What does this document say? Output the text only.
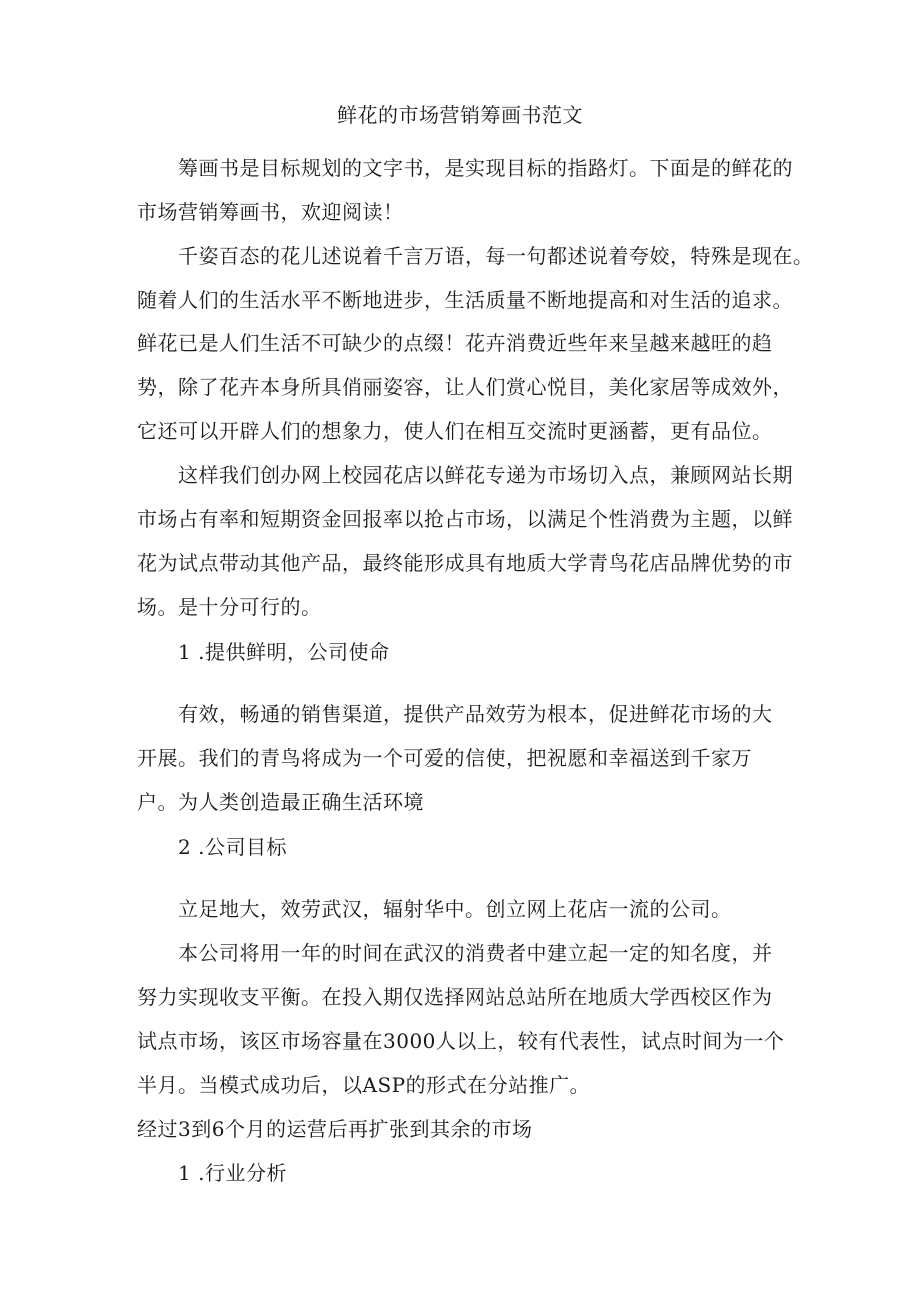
鲜花的市场营销筹画书范文
筹画书是目标规划的文字书，是实现目标的指路灯。下面是的鲜花的
市场营销筹画书，欢迎阅读！
千姿百态的花儿述说着千言万语，每一句都述说着夸姣，特殊是现在。
随着人们的生活水平不断地进步，生活质量不断地提高和对生活的追求。
鲜花已是人们生活不可缺少的点缀！花卉消费近些年来呈越来越旺的趋
势，除了花卉本身所具俏丽姿容，让人们赏心悦目，美化家居等成效外，
它还可以开辟人们的想象力，使人们在相互交流时更涵蓄，更有品位。
这样我们创办网上校园花店以鲜花专递为市场切入点，兼顾网站长期
市场占有率和短期资金回报率以抢占市场，以满足个性消费为主题，以鲜
花为试点带动其他产品，最终能形成具有地质大学青鸟花店品牌优势的市
场。是十分可行的。
1 .提供鲜明，公司使命
有效，畅通的销售渠道，提供产品效劳为根本，促进鲜花市场的大
开展。我们的青鸟将成为一个可爱的信使，把祝愿和幸福送到千家万
户。为人类创造最正确生活环境
2 .公司目标
立足地大，效劳武汉，辐射华中。创立网上花店一流的公司。
本公司将用一年的时间在武汉的消费者中建立起一定的知名度，并
努力实现收支平衡。在投入期仅选择网站总站所在地质大学西校区作为
试点市场，该区市场容量在3000人以上，较有代表性，试点时间为一个
半月。当模式成功后，以ASP的形式在分站推广。
经过3到6个月的运营后再扩张到其余的市场
1 .行业分析
